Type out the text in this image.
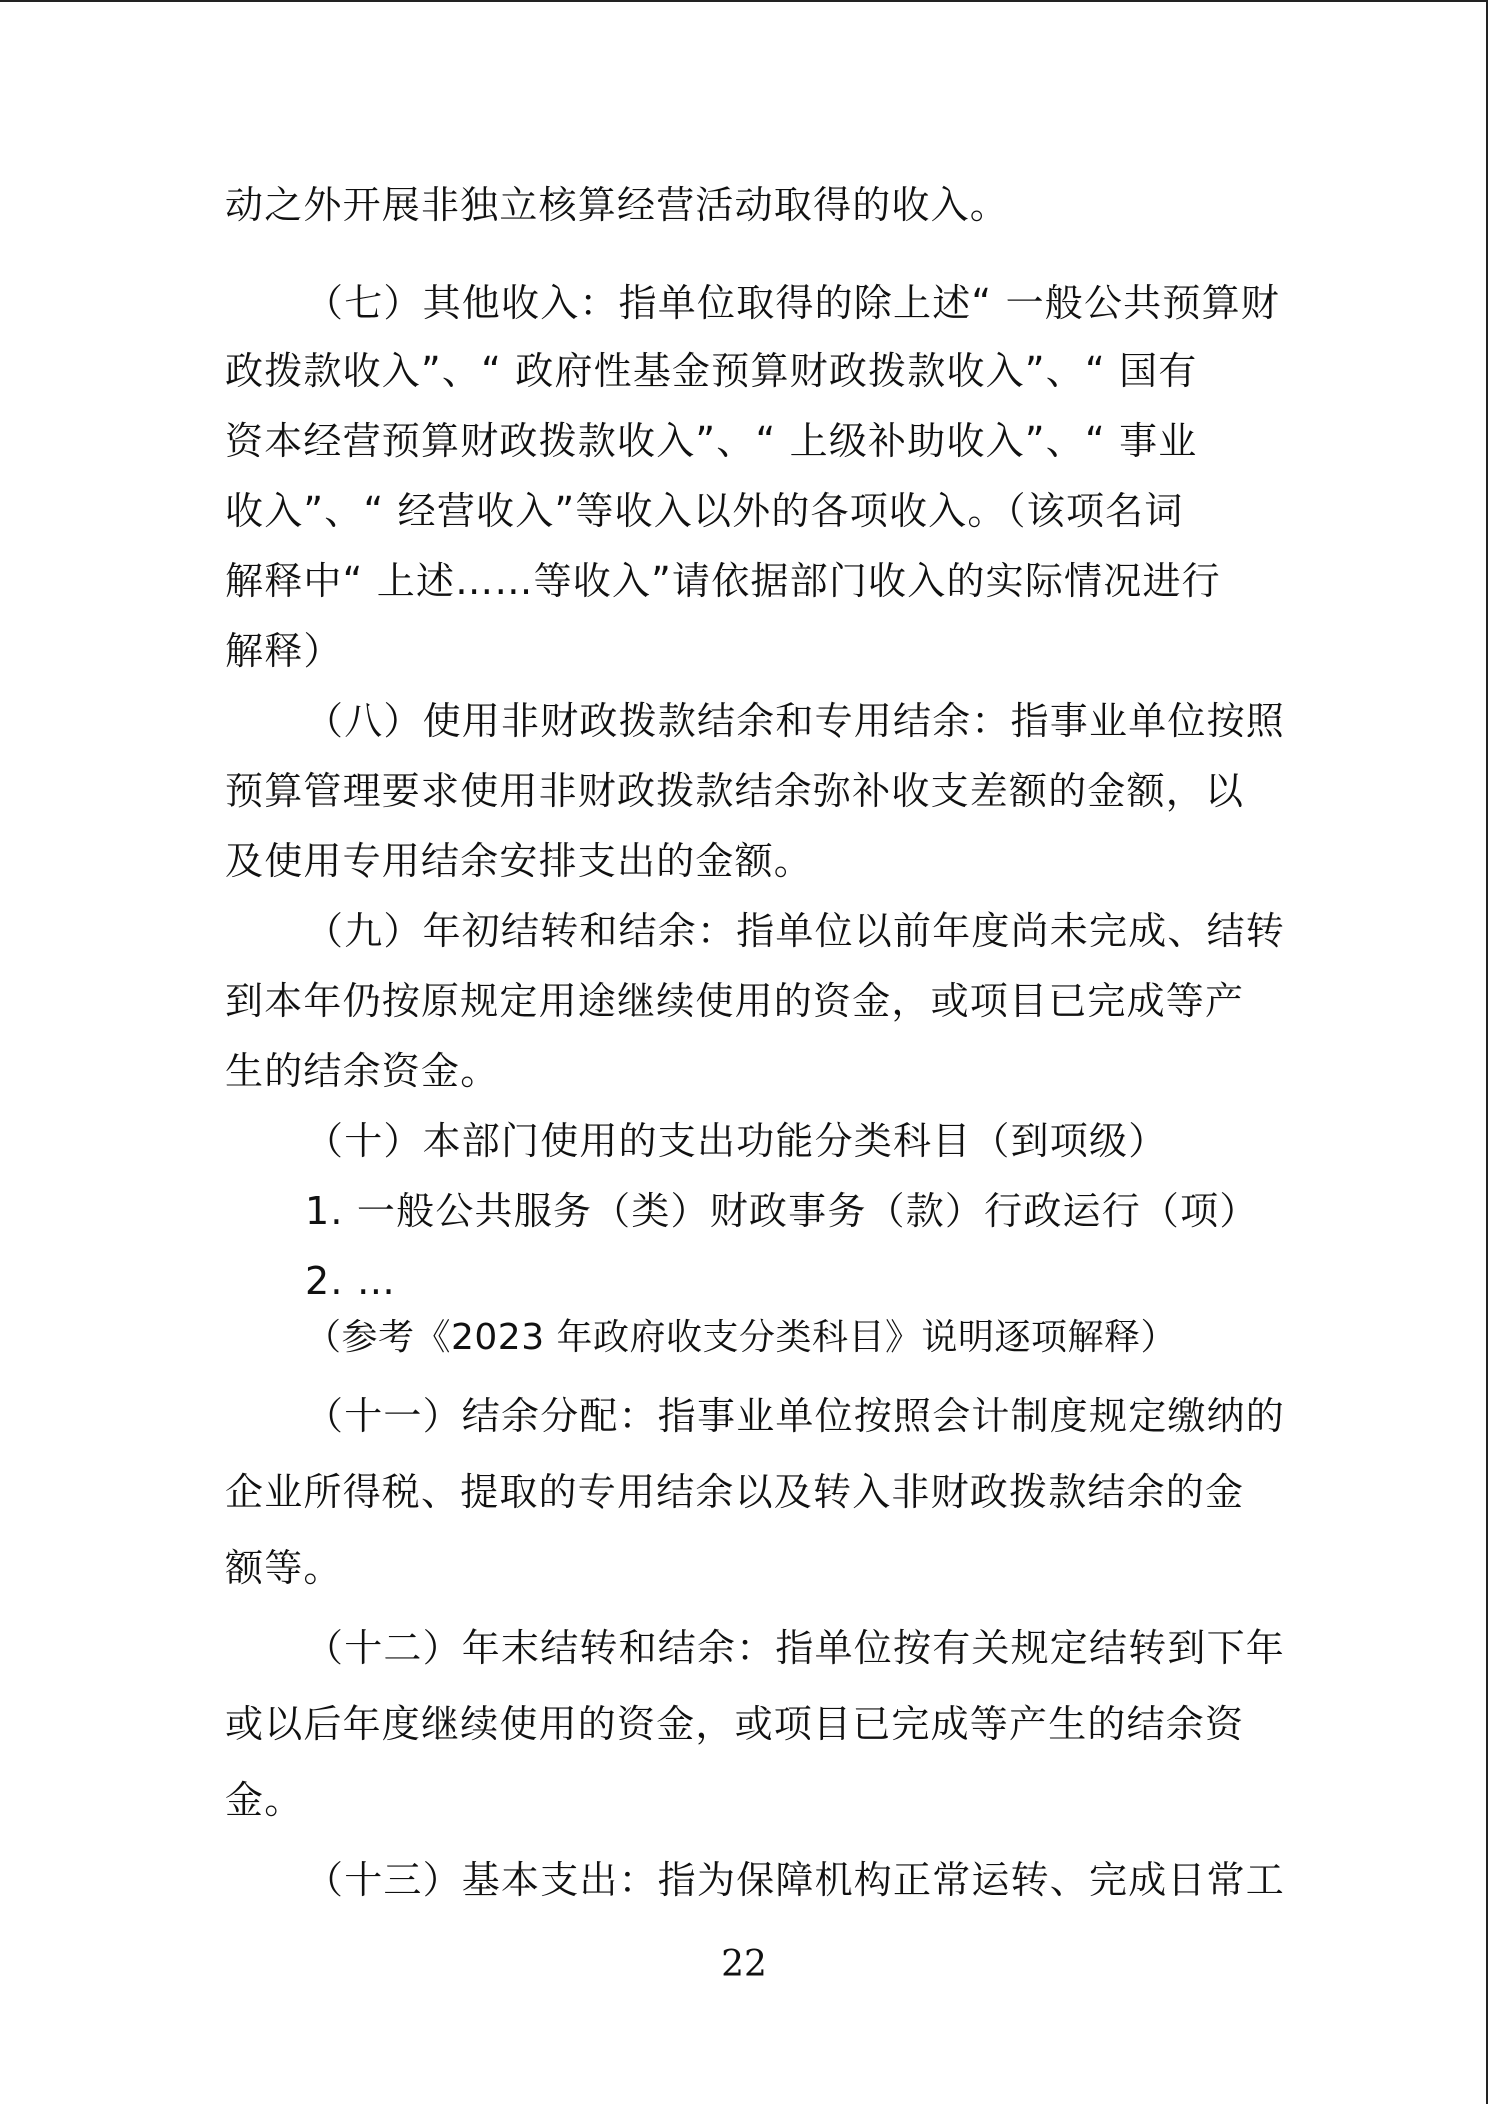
动之外开展非独立核算经营活动取得的收入。
（七）其他收入：指单位取得的除上述“ 一般公共预算财
政拨款收入”、“ 政府性基金预算财政拨款收入”、“ 国有
资本经营预算财政拨款收入”、“ 上级补助收入”、“ 事业
收入”、“ 经营收入”等收入以外的各项收入。（该项名词
解释中“ 上述……等收入”请依据部门收入的实际情况进行
解释）
（八）使用非财政拨款结余和专用结余：指事业单位按照
预算管理要求使用非财政拨款结余弥补收支差额的金额，以
及使用专用结余安排支出的金额。
（九）年初结转和结余：指单位以前年度尚未完成、结转
到本年仍按原规定用途继续使用的资金，或项目已完成等产
生的结余资金。
（十）本部门使用的支出功能分类科目（到项级）
1. 一般公共服务（类）财政事务（款）行政运行（项）
2. …
（参考《2023 年政府收支分类科目》说明逐项解释）
（十一）结余分配：指事业单位按照会计制度规定缴纳的
企业所得税、提取的专用结余以及转入非财政拨款结余的金
额等。
（十二）年末结转和结余：指单位按有关规定结转到下年
或以后年度继续使用的资金，或项目已完成等产生的结余资
金。
（十三）基本支出：指为保障机构正常运转、完成日常工
22
